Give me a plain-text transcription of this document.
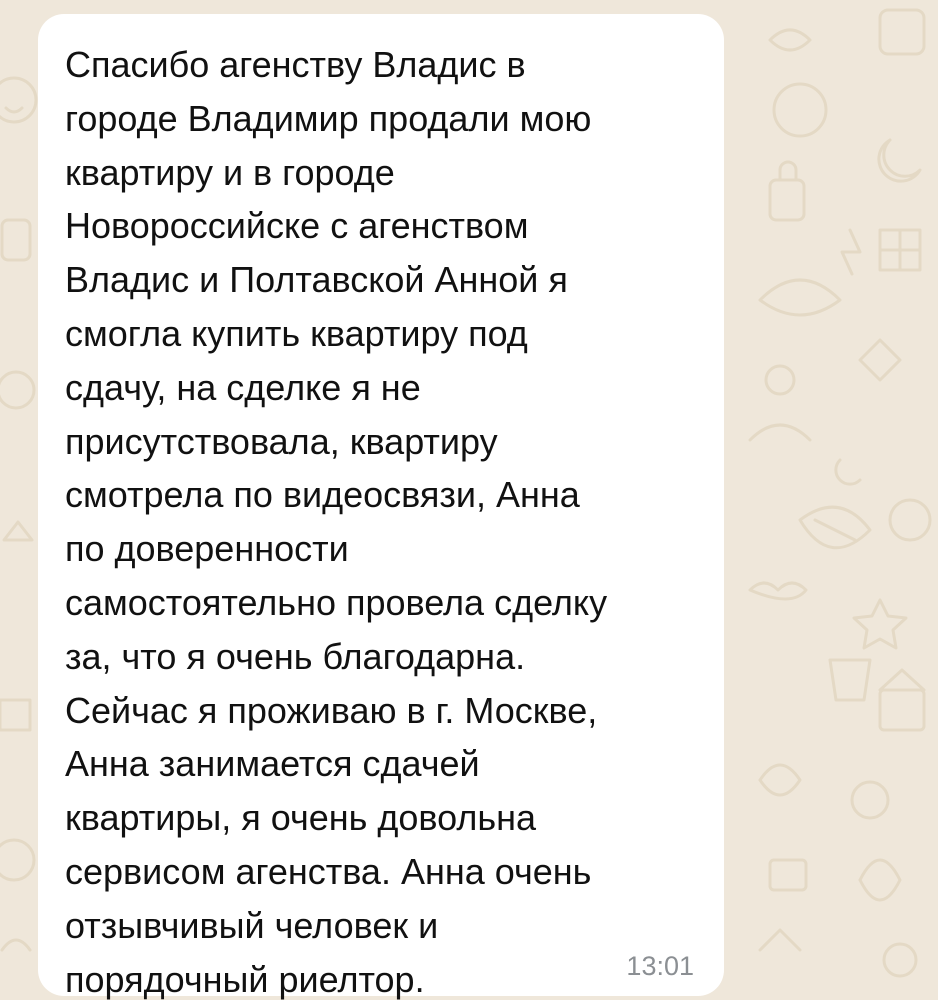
Спасибо агенству Владис в
городе Владимир продали мою
квартиру и в городе
Новороссийске с агенством
Владис и Полтавской Анной я
смогла купить квартиру под
сдачу, на сделке я не
присутствовала, квартиру
смотрела по видеосвязи, Анна
по доверенности
самостоятельно провела сделку
за, что я очень благодарна.
Сейчас я проживаю в г. Москве,
Анна занимается сдачей
квартиры, я очень довольна
сервисом агенства. Анна очень
отзывчивый человек и
порядочный риелтор.	13:01
